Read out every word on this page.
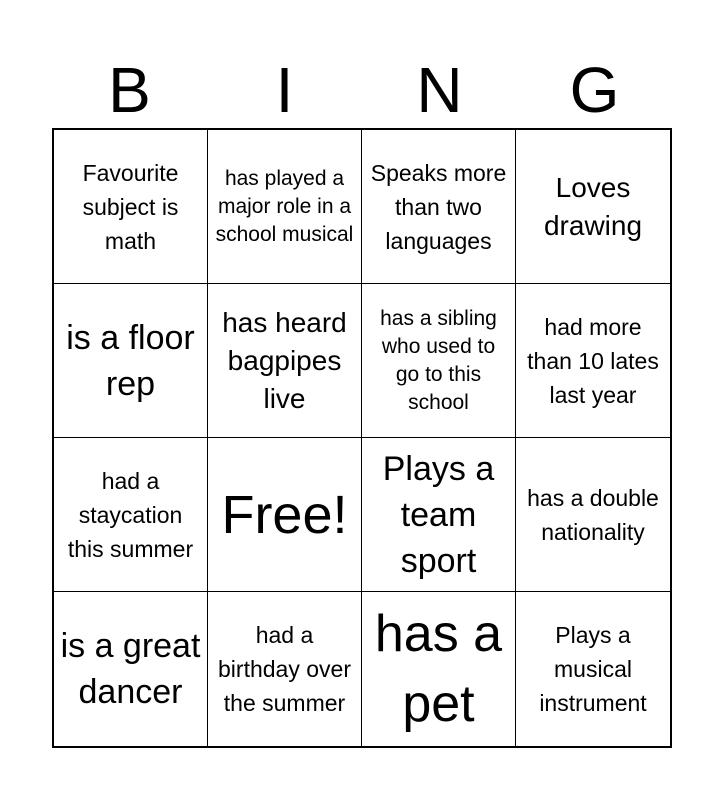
B	I	N	G
Favourite subject is math
has played a major role in a school musical
Speaks more than two languages
Loves drawing
is a floor rep
has heard bagpipes live
has a sibling who used to go to this school
had more than 10 lates last year
had a staycation this summer
Free!
Plays a team sport
has a double nationality
is a great dancer
had a birthday over the summer
has a pet
Plays a musical instrument
